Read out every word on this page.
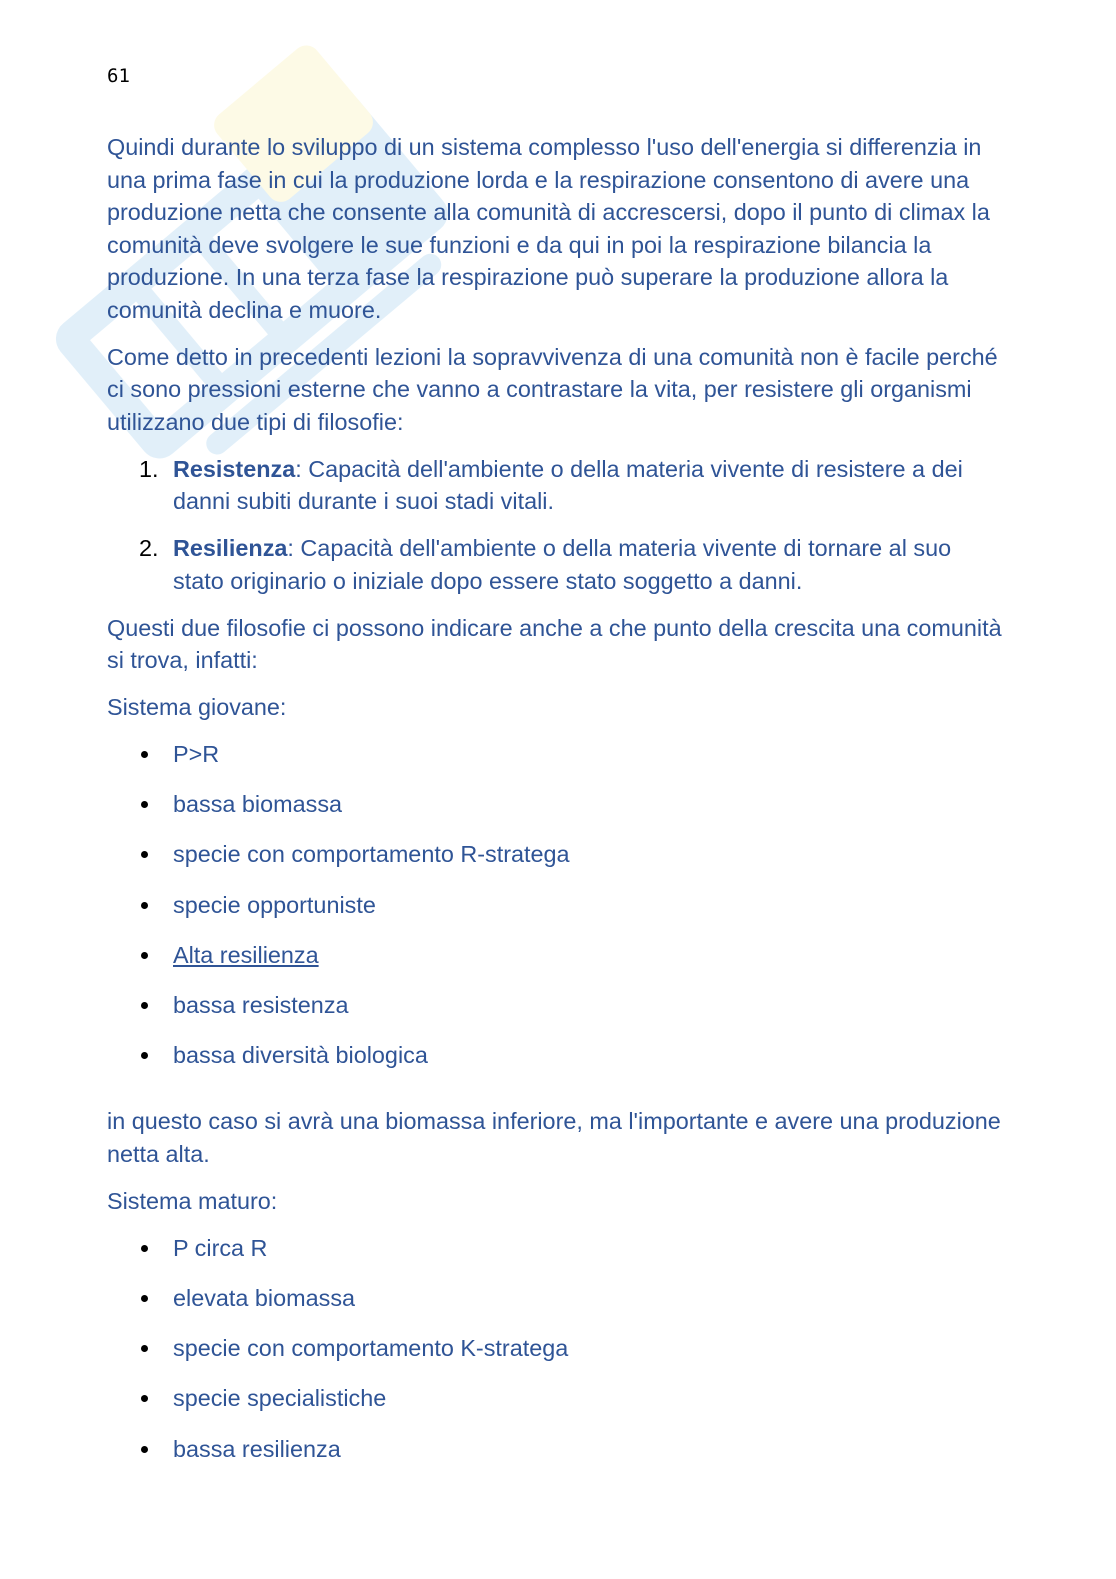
61

Quindi durante lo sviluppo di un sistema complesso l'uso dell'energia si differenzia in una prima fase in cui la produzione lorda e la respirazione consentono di avere una produzione netta che consente alla comunità di accrescersi, dopo il punto di climax la comunità deve svolgere le sue funzioni e da qui in poi la respirazione bilancia la produzione. In una terza fase la respirazione può superare la produzione allora la comunità declina e muore.

Come detto in precedenti lezioni la sopravvivenza di una comunità non è facile perché ci sono pressioni esterne che vanno a contrastare la vita, per resistere gli organismi utilizzano due tipi di filosofie:

1. Resistenza: Capacità dell'ambiente o della materia vivente di resistere a dei danni subiti durante i suoi stadi vitali.
2. Resilienza: Capacità dell'ambiente o della materia vivente di tornare al suo stato originario o iniziale dopo essere stato soggetto a danni.

Questi due filosofie ci possono indicare anche a che punto della crescita una comunità si trova, infatti:

Sistema giovane:

P>R
bassa biomassa
specie con comportamento R-stratega
specie opportuniste
Alta resilienza
bassa resistenza
bassa diversità biologica

in questo caso si avrà una biomassa inferiore, ma l'importante e avere una produzione netta alta.

Sistema maturo:

P circa R
elevata biomassa
specie con comportamento K-stratega
specie specialistiche
bassa resilienza
